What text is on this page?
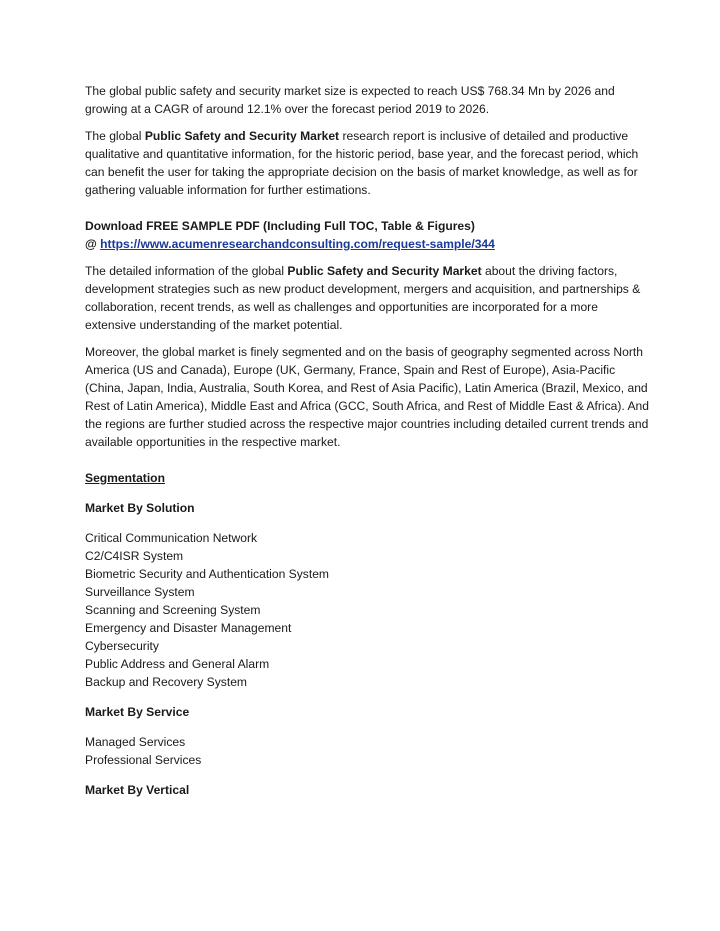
The global public safety and security market size is expected to reach US$ 768.34 Mn by 2026 and growing at a CAGR of around 12.1% over the forecast period 2019 to 2026.

The global Public Safety and Security Market research report is inclusive of detailed and productive qualitative and quantitative information, for the historic period, base year, and the forecast period, which can benefit the user for taking the appropriate decision on the basis of market knowledge, as well as for gathering valuable information for further estimations.

Download FREE SAMPLE PDF (Including Full TOC, Table & Figures)

@ https://www.acumenresearchandconsulting.com/request-sample/344

The detailed information of the global Public Safety and Security Market about the driving factors, development strategies such as new product development, mergers and acquisition, and partnerships & collaboration, recent trends, as well as challenges and opportunities are incorporated for a more extensive understanding of the market potential.

Moreover, the global market is finely segmented and on the basis of geography segmented across North America (US and Canada), Europe (UK, Germany, France, Spain and Rest of Europe), Asia-Pacific (China, Japan, India, Australia, South Korea, and Rest of Asia Pacific), Latin America (Brazil, Mexico, and Rest of Latin America), Middle East and Africa (GCC, South Africa, and Rest of Middle East & Africa). And the regions are further studied across the respective major countries including detailed current trends and available opportunities in the respective market.

Segmentation

Market By Solution

Critical Communication Network
C2/C4ISR System
Biometric Security and Authentication System
Surveillance System
Scanning and Screening System
Emergency and Disaster Management
Cybersecurity
Public Address and General Alarm
Backup and Recovery System

Market By Service

Managed Services
Professional Services

Market By Vertical
